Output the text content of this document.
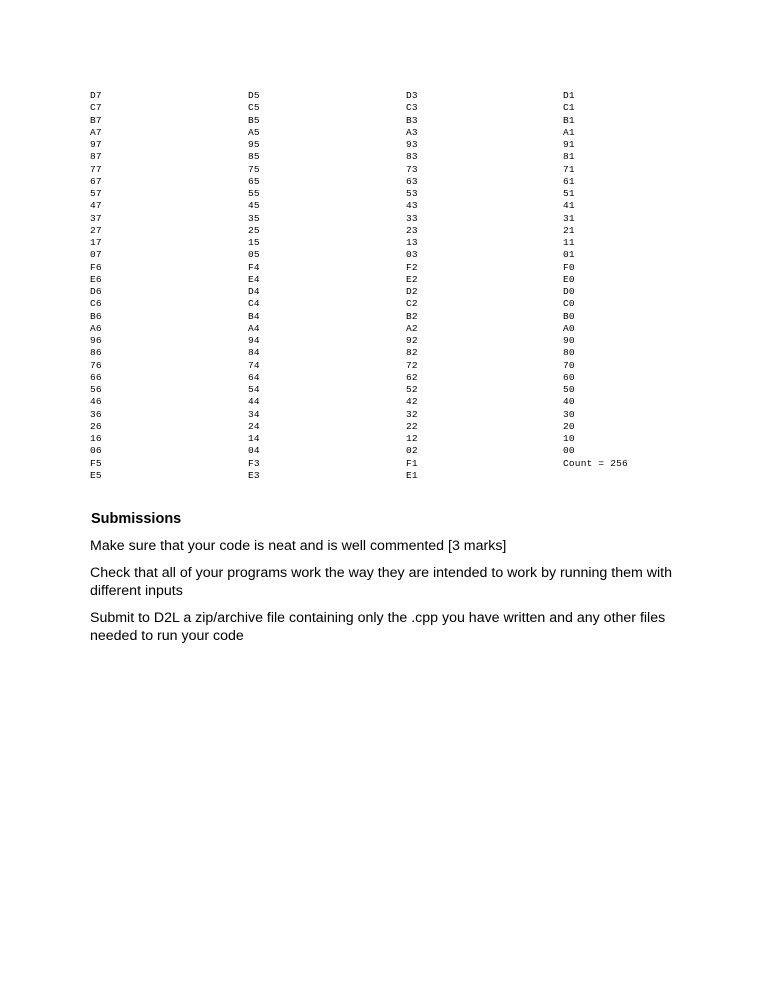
D7
C7
B7
A7
97
87
77
67
57
47
37
27
17
07
F6
E6
D6
C6
B6
A6
96
86
76
66
56
46
36
26
16
06
F5
E5
D5
C5
B5
A5
95
85
75
65
55
45
35
25
15
05
F4
E4
D4
C4
B4
A4
94
84
74
64
54
44
34
24
14
04
F3
E3
D3
C3
B3
A3
93
83
73
63
53
43
33
23
13
03
F2
E2
D2
C2
B2
A2
92
82
72
62
52
42
32
22
12
02
F1
E1
D1
C1
B1
A1
91
81
71
61
51
41
31
21
11
01
F0
E0
D0
C0
B0
A0
90
80
70
60
50
40
30
20
10
00
Count = 256
Submissions
Make sure that your code is neat and is well commented [3 marks]
Check that all of your programs work the way they are intended to work by running them with different inputs
Submit to D2L a zip/archive file containing only the .cpp you have written and any other files needed to run your code
